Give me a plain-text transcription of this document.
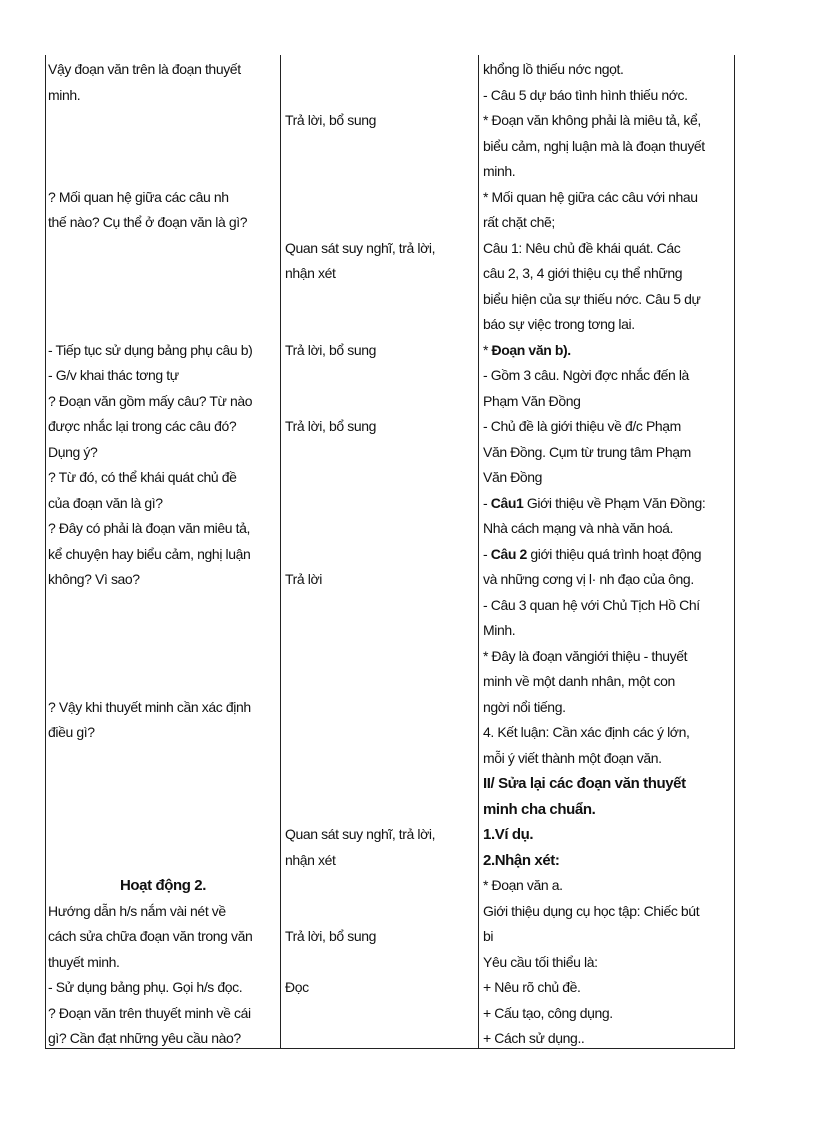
Vậy đoạn văn trên là đoạn thuyết
minh.
? Mối quan hệ giữa các câu nh
thế nào? Cụ thể ở đoạn văn là gì?
- Tiếp tục sử dụng bảng phụ câu b)
- G/v khai thác tơng tự
? Đoạn văn gồm mấy câu? Từ nào
được nhắc lại trong các câu đó?
Dụng ý?
? Từ đó, có thể khái quát chủ đề
của đoạn văn là gì?
? Đây có phải là đoạn văn miêu tả,
kể chuyện hay biểu cảm, nghị luận
không? Vì sao?
? Vậy khi thuyết minh cần xác định
điều gì?
Hoạt động 2.
Hướng dẫn h/s nắm vài nét về
cách sửa chữa đoạn văn trong văn
thuyết minh.
- Sử dụng bảng phụ. Gọi h/s đọc.
? Đoạn văn trên thuyết minh về cái
gì? Cần đạt những yêu cầu nào?
Trả lời, bổ sung
Quan sát suy nghĩ, trả lời,
nhận xét
Trả lời, bổ sung
Trả lời, bổ sung
Trả lời
Quan sát suy nghĩ, trả lời,
nhận xét
Trả lời, bổ sung
Đọc
khổng lồ thiếu nớc ngọt.
- Câu 5 dự báo tình hình thiếu nớc.
* Đoạn văn không phải là miêu tả, kể,
biểu cảm, nghị luận mà là đoạn thuyết
minh.
* Mối quan hệ giữa các câu với nhau
rất chặt chẽ;
Câu 1: Nêu chủ đề khái quát. Các
câu 2, 3, 4 giới thiệu cụ thể những
biểu hiện của sự thiếu nớc. Câu 5 dự
báo sự việc trong tơng lai.
* Đoạn văn b).
- Gồm 3 câu. Ngời đợc nhắc đến là
Phạm Văn Đồng
- Chủ đề là giới thiệu về đ/c Phạm
Văn Đồng. Cụm từ trung tâm Phạm
Văn Đồng
- Câu1 Giới thiệu về Phạm Văn Đồng:
Nhà cách mạng và nhà văn hoá.
- Câu 2 giới thiệu quá trình hoạt động
và những cơng vị l· nh đạo của ông.
- Câu 3 quan hệ với Chủ Tịch Hồ Chí
Minh.
* Đây là đoạn văngiới thiệu - thuyết
minh về một danh nhân, một con
ngời nổi tiếng.
4. Kết luận: Cần xác định các ý lớn,
mỗi ý viết thành một đoạn văn.
II/ Sửa lại các đoạn văn thuyết
minh cha chuẩn.
1.Ví dụ.
2.Nhận xét:
* Đoạn văn a.
Giới thiệu dụng cụ học tập: Chiếc bút
bi
Yêu cầu tối thiểu là:
+ Nêu rõ chủ đề.
+ Cấu tạo, công dụng.
+ Cách sử dụng..
